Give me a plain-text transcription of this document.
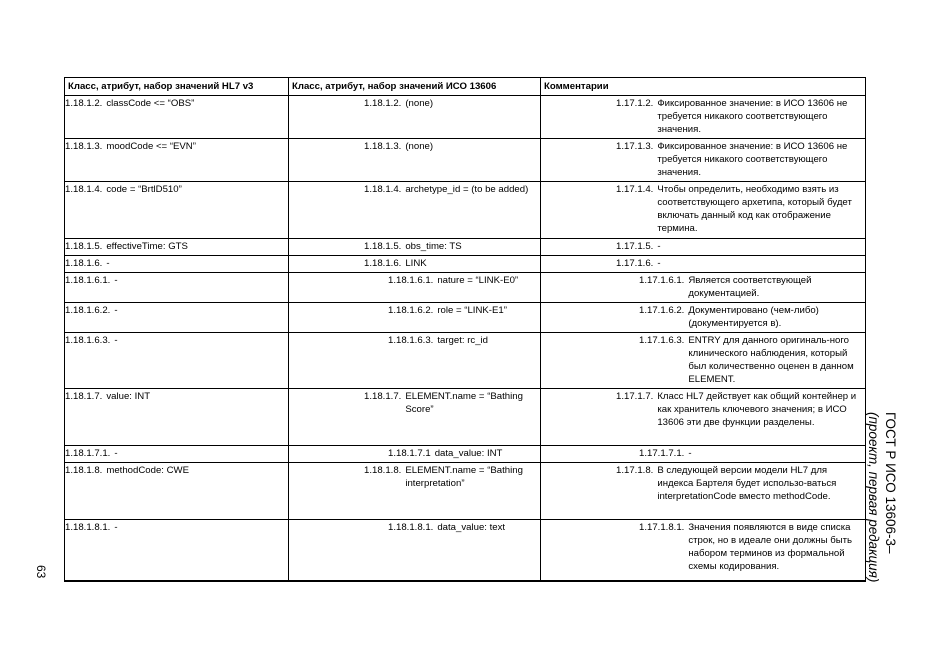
ГОСТ Р ИСО 13606-3–
(проект, первая редакция)
63
Класс, атрибут, набор значений HL7 v3	Класс, атрибут, набор значений ИСО 13606	Комментарии

1.18.1.2. classCode <= “OBS”	1.18.1.2. (none)	1.17.1.2. Фиксированное значение: в ИСО 13606 не требуется никакого соответствующего значения.

1.18.1.3. moodCode <= “EVN”	1.18.1.3. (none)	1.17.1.3. Фиксированное значение: в ИСО 13606 не требуется никакого соответствующего значения.

1.18.1.4. code = “BrtlD510”	1.18.1.4. archetype_id = (to be added)	1.17.1.4. Чтобы определить, необходимо взять из соответствующего архетипа, который будет включать данный код как отображение термина.

1.18.1.5. effectiveTime: GTS	1.18.1.5. obs_time: TS	1.17.1.5. -

1.18.1.6. -	1.18.1.6. LINK	1.17.1.6. -

1.18.1.6.1. -	1.18.1.6.1. nature = “LINK-E0”	1.17.1.6.1. Является соответствующей документацией.

1.18.1.6.2. -	1.18.1.6.2. role = “LINK-E1”	1.17.1.6.2. Документировано (чем-либо) (документируется в).

1.18.1.6.3. -	1.18.1.6.3. target: rc_id	1.17.1.6.3. ENTRY для данного оригиналь-ного клинического наблюдения, который был количественно оценен в данном ELEMENT.

1.18.1.7. value: INT	1.18.1.7. ELEMENT.name = “Bathing Score”	1.17.1.7. Класс HL7 действует как общий контейнер и как хранитель ключевого значения; в ИСО 13606 эти две функции разделены.

1.18.1.7.1. -	1.18.1.7.1 data_value: INT	1.17.1.7.1. -

1.18.1.8. methodCode: CWE	1.18.1.8. ELEMENT.name = “Bathing interpretation”	1.17.1.8. В следующей версии модели HL7 для индекса Бартеля будет использо-ваться interpretationCode вместо methodCode.

1.18.1.8.1. -	1.18.1.8.1. data_value: text	1.17.1.8.1. Значения появляются в виде списка строк, но в идеале они должны быть набором терминов из формальной схемы кодирования.
